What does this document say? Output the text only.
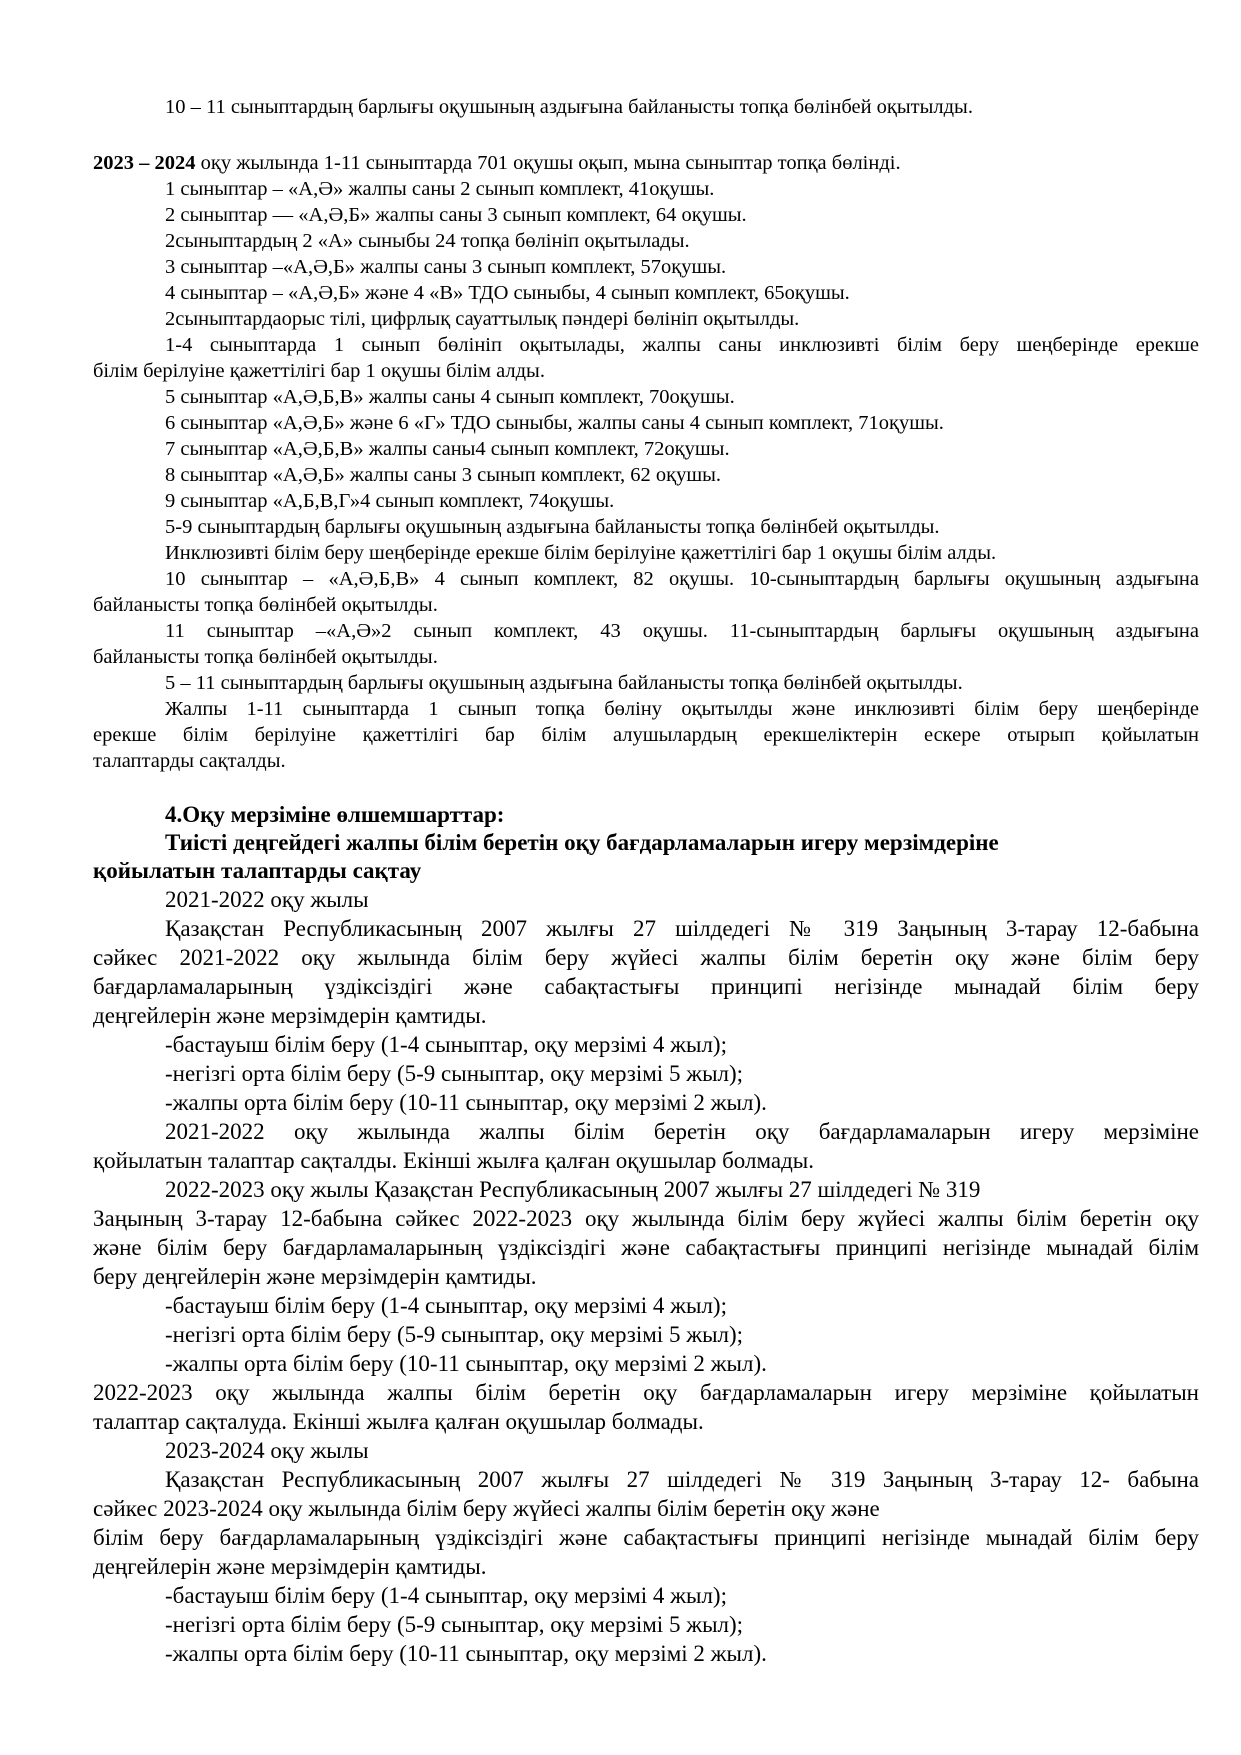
10 – 11 сыныптардың барлығы оқушының аздығына байланысты топқа бөлінбей оқытылды.
2023 – 2024 оқу жылында 1-11 сыныптарда 701 оқушы оқып, мына сыныптар топқа бөлінді.
1 сыныптар – «А,Ә» жалпы саны 2 сынып комплект, 41оқушы.
2 сыныптар — «А,Ә,Б» жалпы саны 3 сынып комплект, 64 оқушы.
2сыныптардың 2 «А» сыныбы 24 топқа бөлініп оқытылады.
3 сыныптар –«А,Ә,Б» жалпы саны 3 сынып комплект, 57оқушы.
4 сыныптар – «А,Ә,Б» және 4 «В» ТДО сыныбы, 4 сынып комплект, 65оқушы.
2сыныптардаорыс тілі, цифрлық сауаттылық пәндері бөлініп оқытылды.
1-4 сыныптарда 1 сынып бөлініп оқытылады, жалпы саны инклюзивті білім беру шеңберінде ерекше
білім берілуіне қажеттілігі бар 1 оқушы білім алды.
5 сыныптар «А,Ә,Б,В» жалпы саны 4 сынып комплект, 70оқушы.
6 сыныптар «А,Ә,Б» және 6 «Г» ТДО сыныбы, жалпы саны 4 сынып комплект, 71оқушы.
7 сыныптар «А,Ә,Б,В» жалпы саны4 сынып комплект, 72оқушы.
8 сыныптар «А,Ә,Б» жалпы саны 3 сынып комплект, 62 оқушы.
9 сыныптар «А,Б,В,Г»4 сынып комплект, 74оқушы.
5-9 сыныптардың барлығы оқушының аздығына байланысты топқа бөлінбей оқытылды.
Инклюзивті білім беру шеңберінде ерекше білім берілуіне қажеттілігі бар 1 оқушы білім алды.
10 сыныптар – «А,Ә,Б,В» 4 сынып комплект, 82 оқушы. 10-сыныптардың барлығы оқушының аздығына
байланысты топқа бөлінбей оқытылды.
11 сыныптар –«А,Ә»2 сынып комплект, 43 оқушы. 11-сыныптардың барлығы оқушының аздығына
байланысты топқа бөлінбей оқытылды.
5 – 11 сыныптардың барлығы оқушының аздығына байланысты топқа бөлінбей оқытылды.
Жалпы 1-11 сыныптарда 1 сынып топқа бөліну оқытылды және инклюзивті білім беру шеңберінде
ерекше білім берілуіне қажеттілігі бар білім алушылардың ерекшеліктерін ескере отырып қойылатын
талаптарды сақталды.
4.Оқу мерзіміне өлшемшарттар:
Тиісті деңгейдегі жалпы білім беретін оқу бағдарламаларын игеру мерзімдеріне
қойылатын талаптарды сақтау
2021-2022 оқу жылы
Қазақстан Республикасының 2007 жылғы 27 шілдедегі № 319 Заңының 3-тарау 12-бабына
сәйкес 2021-2022 оқу жылында білім беру жүйесі жалпы білім беретін оқу және білім беру
бағдарламаларының үздіксіздігі және сабақтастығы принципі негізінде мынадай білім беру
деңгейлерін және мерзімдерін қамтиды.
-бастауыш білім беру (1-4 сыныптар, оқу мерзімі 4 жыл);
-негізгі орта білім беру (5-9 сыныптар, оқу мерзімі 5 жыл);
-жалпы орта білім беру (10-11 сыныптар, оқу мерзімі 2 жыл).
2021-2022 оқу жылында жалпы білім беретін оқу бағдарламаларын игеру мерзіміне
қойылатын талаптар сақталды. Екінші жылға қалған оқушылар болмады.
2022-2023 оқу жылы Қазақстан Республикасының 2007 жылғы 27 шілдедегі № 319
Заңының 3-тарау 12-бабына сәйкес 2022-2023 оқу жылында білім беру жүйесі жалпы білім беретін оқу
және білім беру бағдарламаларының үздіксіздігі және сабақтастығы принципі негізінде мынадай білім
беру деңгейлерін және мерзімдерін қамтиды.
-бастауыш білім беру (1-4 сыныптар, оқу мерзімі 4 жыл);
-негізгі орта білім беру (5-9 сыныптар, оқу мерзімі 5 жыл);
-жалпы орта білім беру (10-11 сыныптар, оқу мерзімі 2 жыл).
2022-2023 оқу жылында жалпы білім беретін оқу бағдарламаларын игеру мерзіміне қойылатын
талаптар сақталуда. Екінші жылға қалған оқушылар болмады.
2023-2024 оқу жылы
Қазақстан Республикасының 2007 жылғы 27 шілдедегі № 319 Заңының 3-тарау 12- бабына
сәйкес 2023-2024 оқу жылында білім беру жүйесі жалпы білім беретін оқу және
білім беру бағдарламаларының үздіксіздігі және сабақтастығы принципі негізінде мынадай білім беру
деңгейлерін және мерзімдерін қамтиды.
-бастауыш білім беру (1-4 сыныптар, оқу мерзімі 4 жыл);
-негізгі орта білім беру (5-9 сыныптар, оқу мерзімі 5 жыл);
-жалпы орта білім беру (10-11 сыныптар, оқу мерзімі 2 жыл).
